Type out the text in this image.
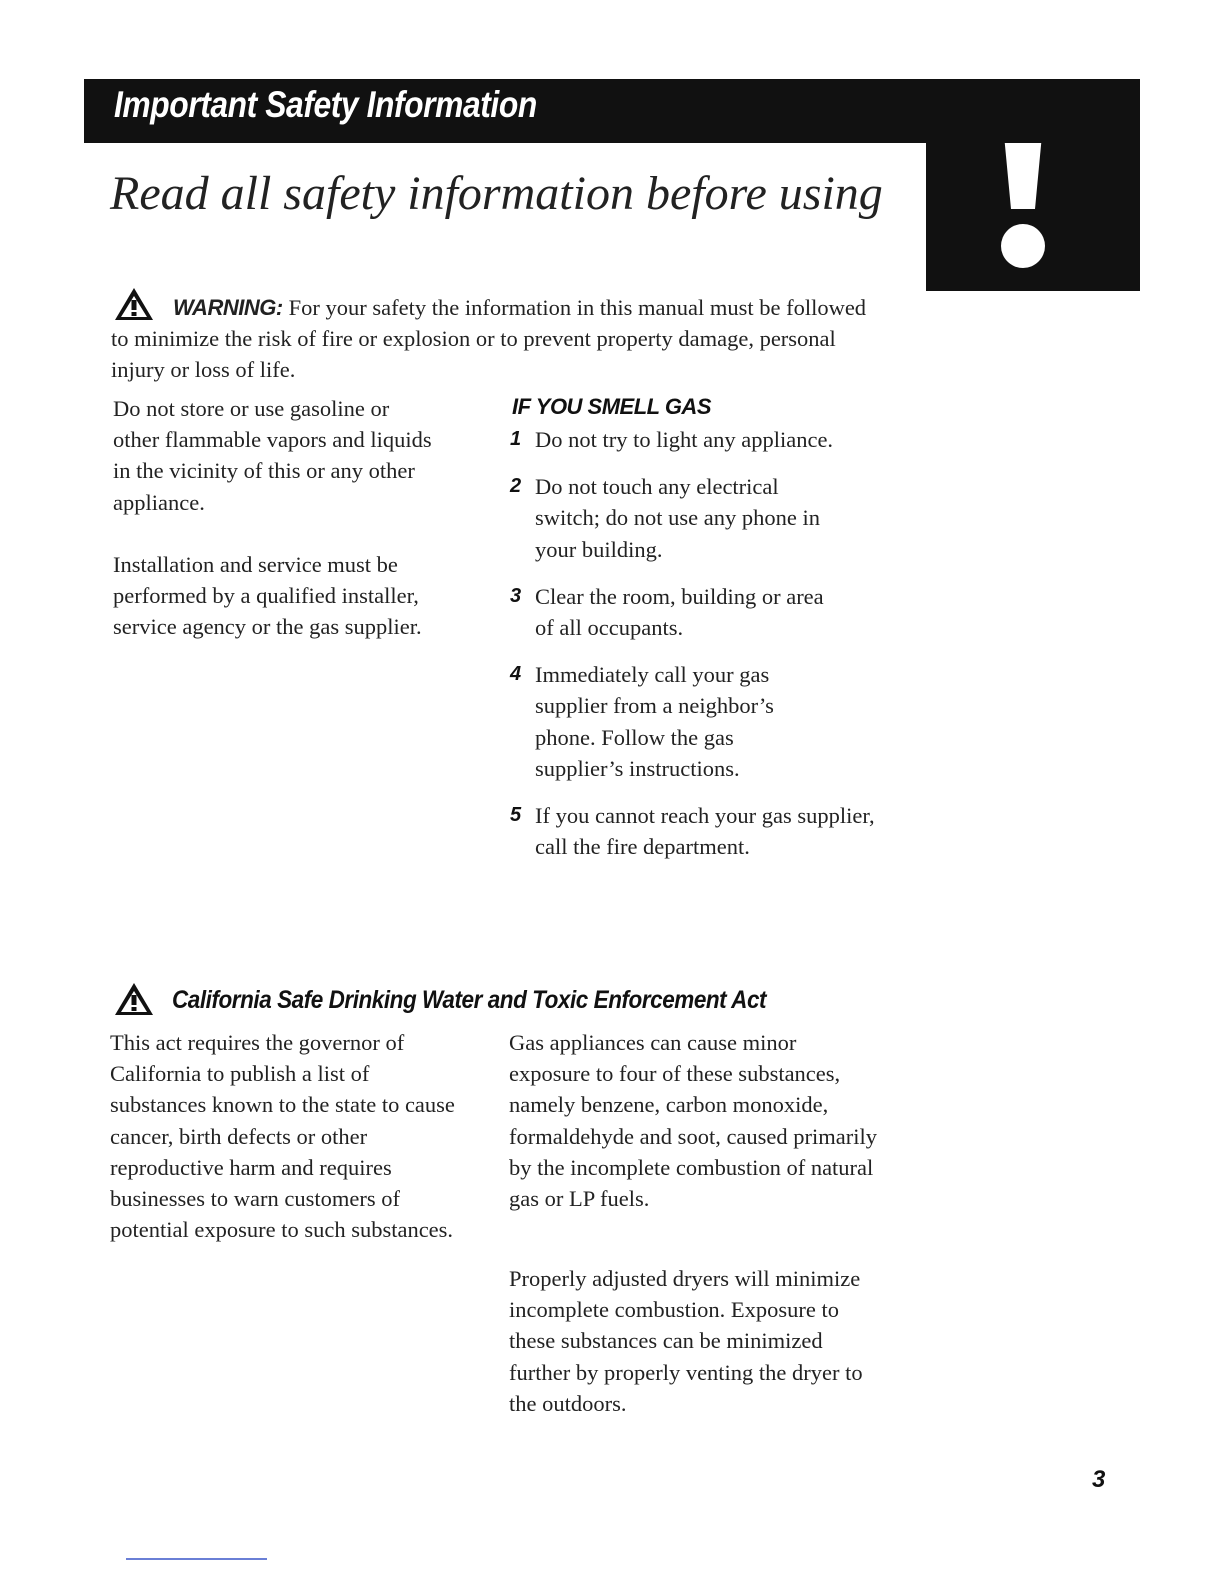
Important Safety Information
Read all safety information before using

WARNING: For your safety the information in this manual must be followed to minimize the risk of fire or explosion or to prevent property damage, personal injury or loss of life.

Do not store or use gasoline or other flammable vapors and liquids in the vicinity of this or any other appliance.

Installation and service must be performed by a qualified installer, service agency or the gas supplier.

IF YOU SMELL GAS
1 Do not try to light any appliance.
2 Do not touch any electrical switch; do not use any phone in your building.
3 Clear the room, building or area of all occupants.
4 Immediately call your gas supplier from a neighbor’s phone. Follow the gas supplier’s instructions.
5 If you cannot reach your gas supplier, call the fire department.
California Safe Drinking Water and Toxic Enforcement Act

This act requires the governor of California to publish a list of substances known to the state to cause cancer, birth defects or other reproductive harm and requires businesses to warn customers of potential exposure to such substances.

Gas appliances can cause minor exposure to four of these substances, namely benzene, carbon monoxide, formaldehyde and soot, caused primarily by the incomplete combustion of natural gas or LP fuels.

Properly adjusted dryers will minimize incomplete combustion. Exposure to these substances can be minimized further by properly venting the dryer to the outdoors.

3
